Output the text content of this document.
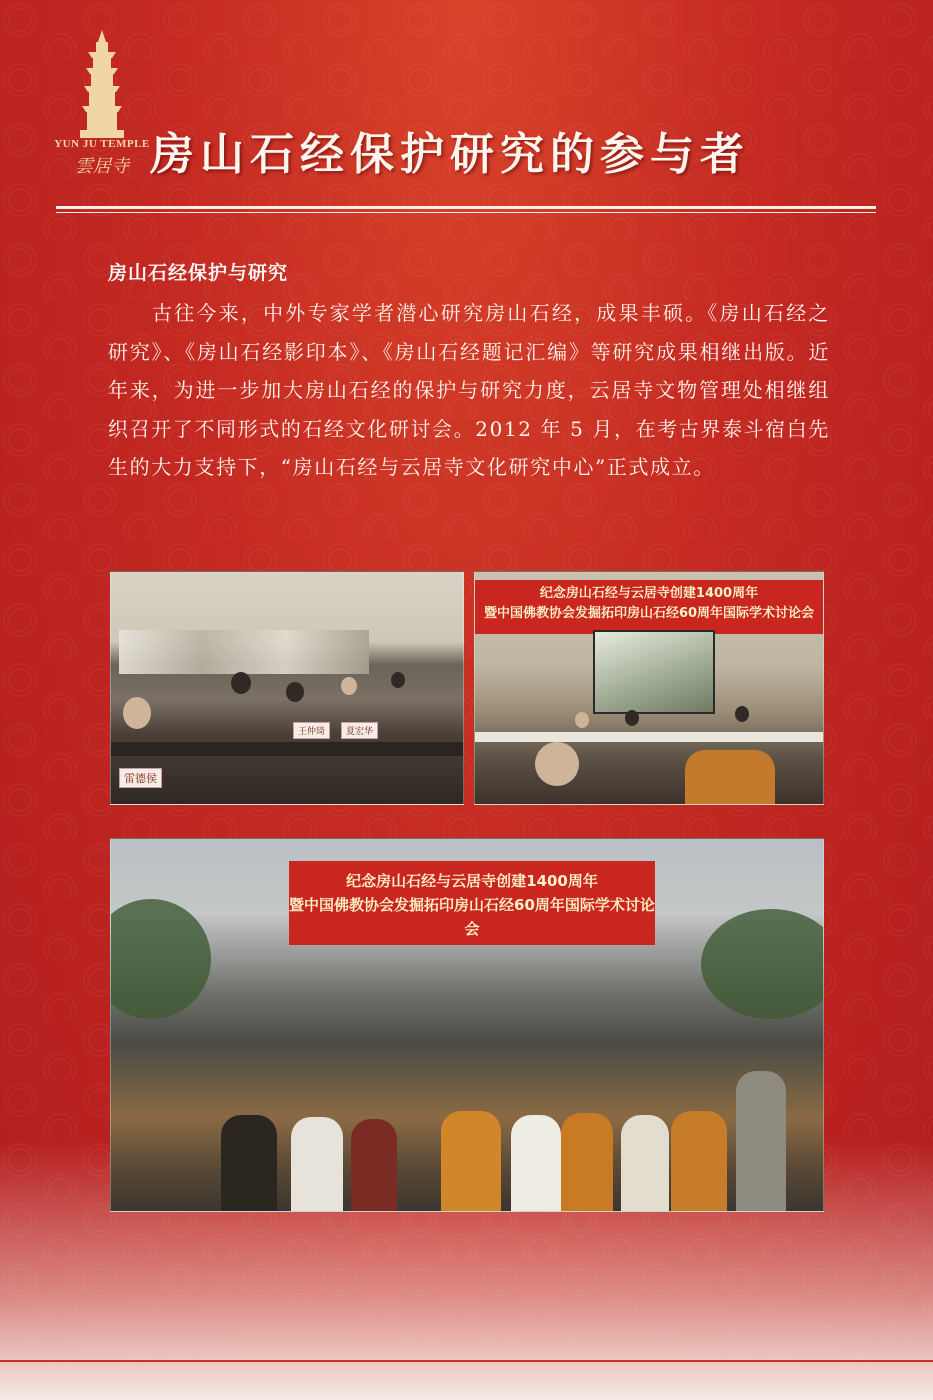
YUN JU TEMPLE
雲居寺 房山石经保护研究的参与者
房山石经保护与研究

古往今来，中外专家学者潜心研究房山石经，成果丰硕。《房山石经之研究》、《房山石经影印本》、《房山石经题记汇编》等研究成果相继出版。近年来，为进一步加大房山石经的保护与研究力度，云居寺文物管理处相继组织召开了不同形式的石经文化研讨会。2012 年 5 月，在考古界泰斗宿白先生的大力支持下，“房山石经与云居寺文化研究中心”正式成立。

雷德侯
王仲琦	夏宏华
纪念房山石经与云居寺创建1400周年
暨中国佛教协会发掘拓印房山石经60周年国际学术讨论会
纪念房山石经与云居寺创建1400周年
暨中国佛教协会发掘拓印房山石经60周年国际学术讨论会
